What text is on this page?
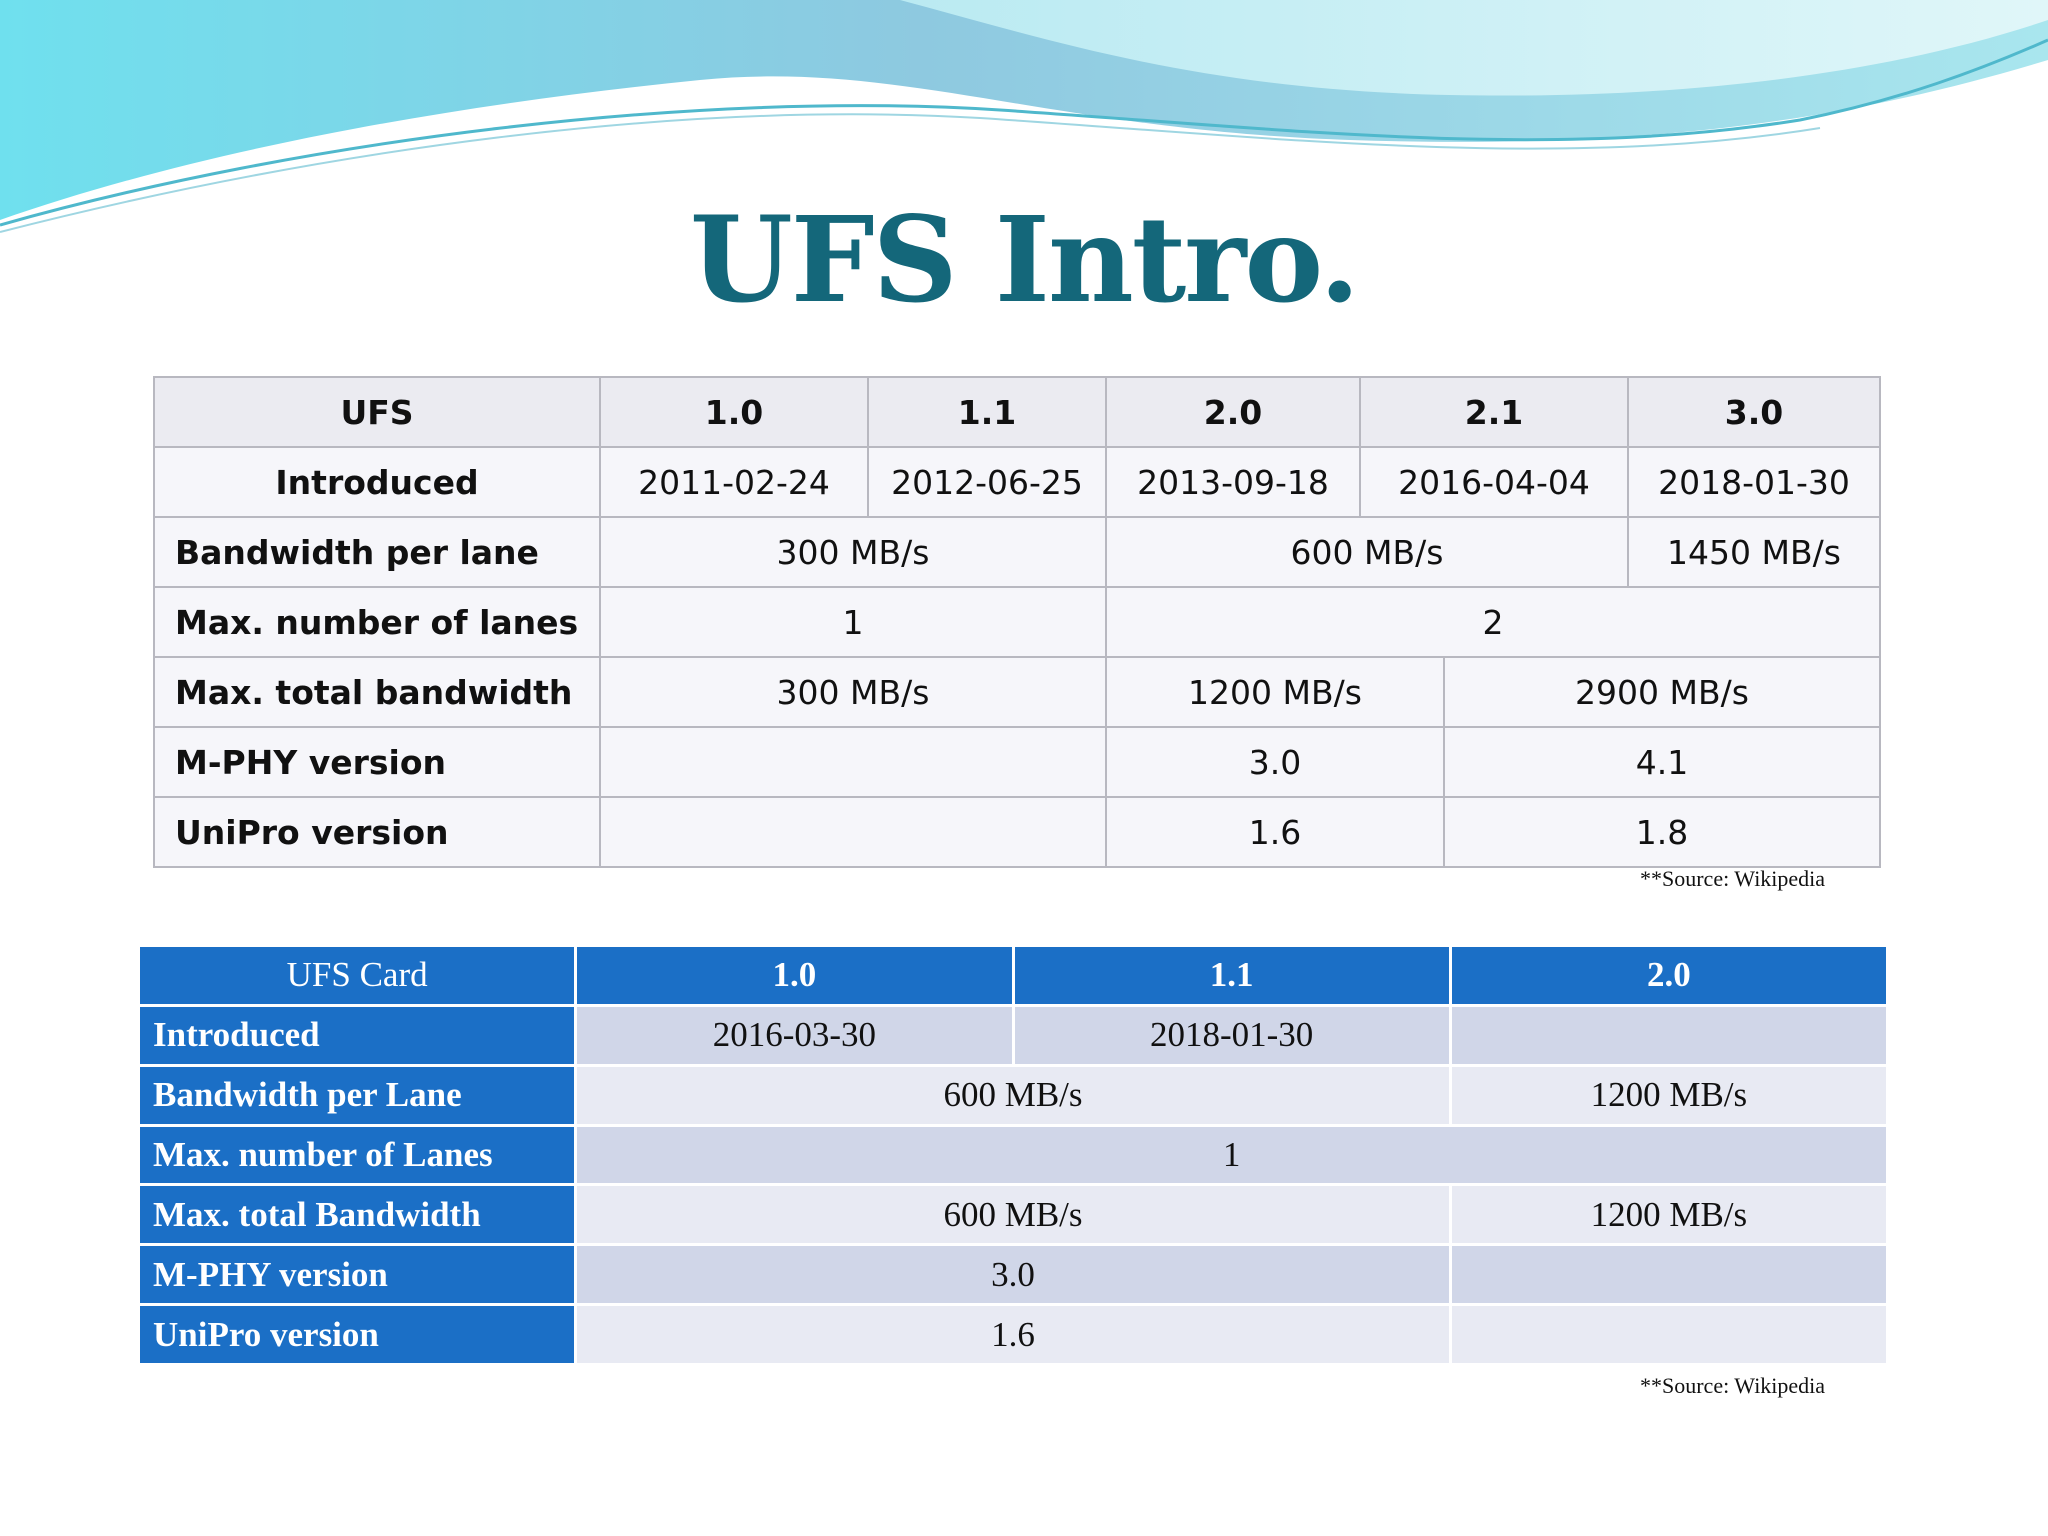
UFS Intro.
UFS	1.0	1.1	2.0	2.1		3.0
Introduced	2011-02-24	2012-06-25	2013-09-18	2016-04-04		2018-01-30
Bandwidth per lane	300 MB/s		600 MB/s			1450 MB/s
Max. number of lanes	1		2			
Max. total bandwidth	300 MB/s		1200 MB/s		2900 MB/s	
M-PHY version			3.0		4.1	
UniPro version			1.6		1.8	
**Source: Wikipedia
UFS Card	1.0	1.1	2.0
Introduced	2016-03-30	2018-01-30	
Bandwidth per Lane	600 MB/s		1200 MB/s
Max. number of Lanes	1		
Max. total Bandwidth	600 MB/s		1200 MB/s
M-PHY version	3.0		
UniPro version	1.6		
**Source: Wikipedia
